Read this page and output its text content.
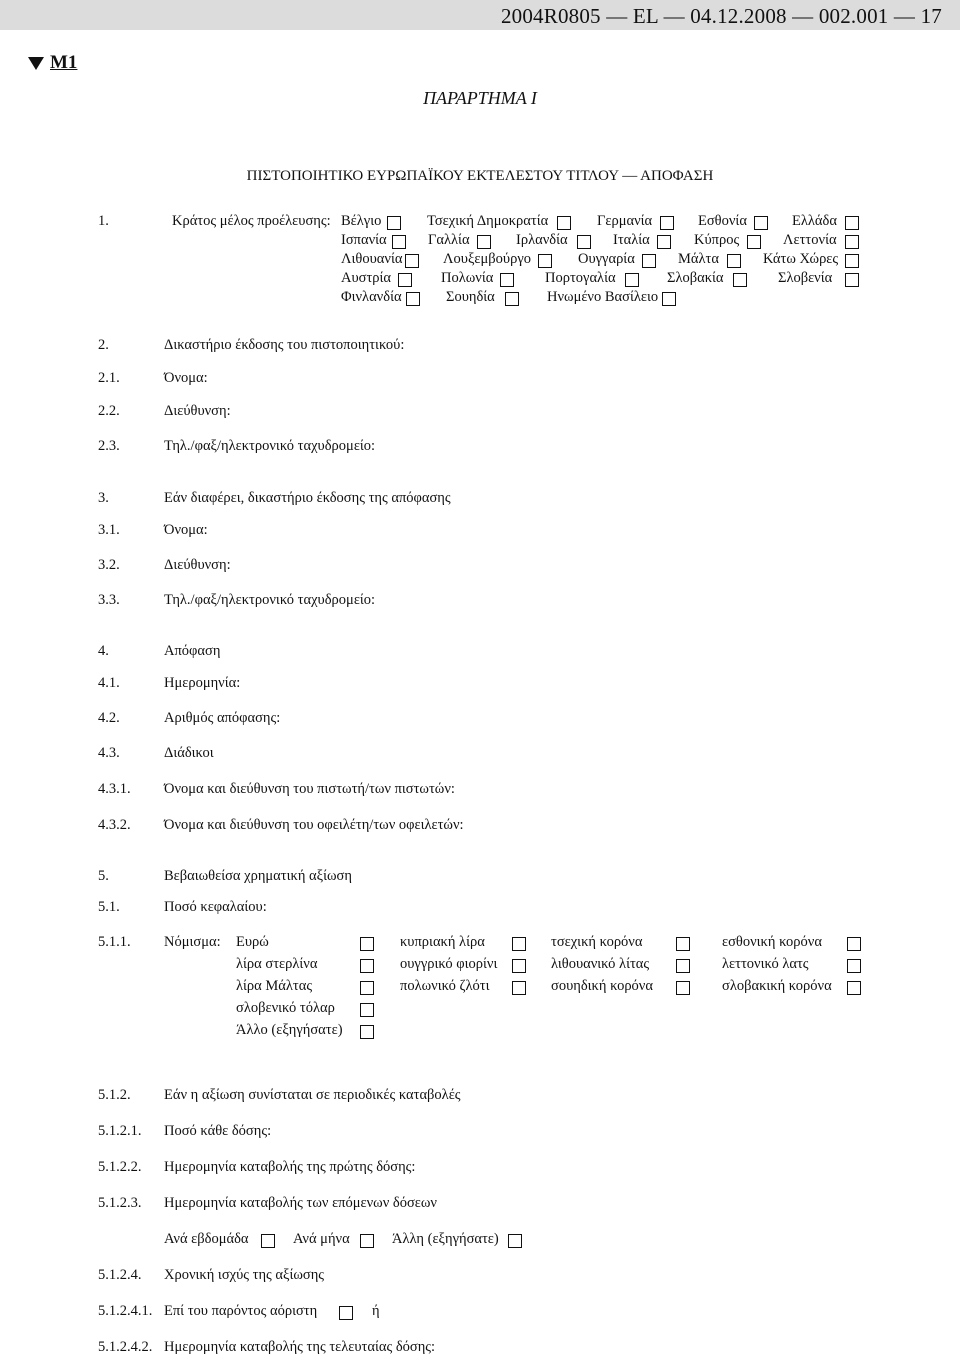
2004R0805 — EL — 04.12.2008 — 002.001 — 17
M1
ΠΑΡΑΡΤΗΜΑ I
ΠΙΣΤΟΠΟΙΗΤΙΚΟ ΕΥΡΩΠΑΪΚΟΥ ΕΚΤΕΛΕΣΤΟΥ ΤΙΤΛΟΥ — ΑΠΟΦΑΣΗ
1.	Κράτος μέλος προέλευσης: Βέλγιο	Τσεχική Δημοκρατία	Γερμανία	Εσθονία	Ελλάδα
Ισπανία	Γαλλία	Ιρλανδία	Ιταλία	Κύπρος	Λεττονία
Λιθουανία	Λουξεμβούργο	Ουγγαρία	Μάλτα	Κάτω Χώρες
Αυστρία	Πολωνία	Πορτογαλία	Σλοβακία	Σλοβενία
Φινλανδία	Σουηδία	Ηνωμένο Βασίλειο
2.	Δικαστήριο έκδοσης του πιστοποιητικού:
2.1.	Όνομα:
2.2.	Διεύθυνση:
2.3.	Τηλ./φαξ/ηλεκτρονικό ταχυδρομείο:
3.	Εάν διαφέρει, δικαστήριο έκδοσης της απόφασης
3.1.	Όνομα:
3.2.	Διεύθυνση:
3.3.	Τηλ./φαξ/ηλεκτρονικό ταχυδρομείο:
4.	Απόφαση
4.1.	Ημερομηνία:
4.2.	Αριθμός απόφασης:
4.3.	Διάδικοι
4.3.1. Όνομα και διεύθυνση του πιστωτή/των πιστωτών:
4.3.2. Όνομα και διεύθυνση του οφειλέτη/των οφειλετών:
5.	Βεβαιωθείσα χρηματική αξίωση
5.1.	Ποσό κεφαλαίου:
5.1.1. Νόμισμα: Ευρώ	κυπριακή λίρα	τσεχική κορόνα	εσθονική κορόνα
λίρα στερλίνα	ουγγρικό φιορίνι	λιθουανικό λίτας	λεττονικό λατς
λίρα Μάλτας	πολωνικό ζλότι	σουηδική κορόνα	σλοβακική κορόνα
σλοβενικό τόλαρ
Άλλο (εξηγήσατε)
5.1.2. Εάν η αξίωση συνίσταται σε περιοδικές καταβολές
5.1.2.1. Ποσό κάθε δόσης:
5.1.2.2. Ημερομηνία καταβολής της πρώτης δόσης:
5.1.2.3. Ημερομηνία καταβολής των επόμενων δόσεων
Ανά εβδομάδα	Ανά μήνα	Άλλη (εξηγήσατε)
5.1.2.4. Χρονική ισχύς της αξίωσης
5.1.2.4.1. Επί του παρόντος αόριστη	ή
5.1.2.4.2. Ημερομηνία καταβολής της τελευταίας δόσης:
